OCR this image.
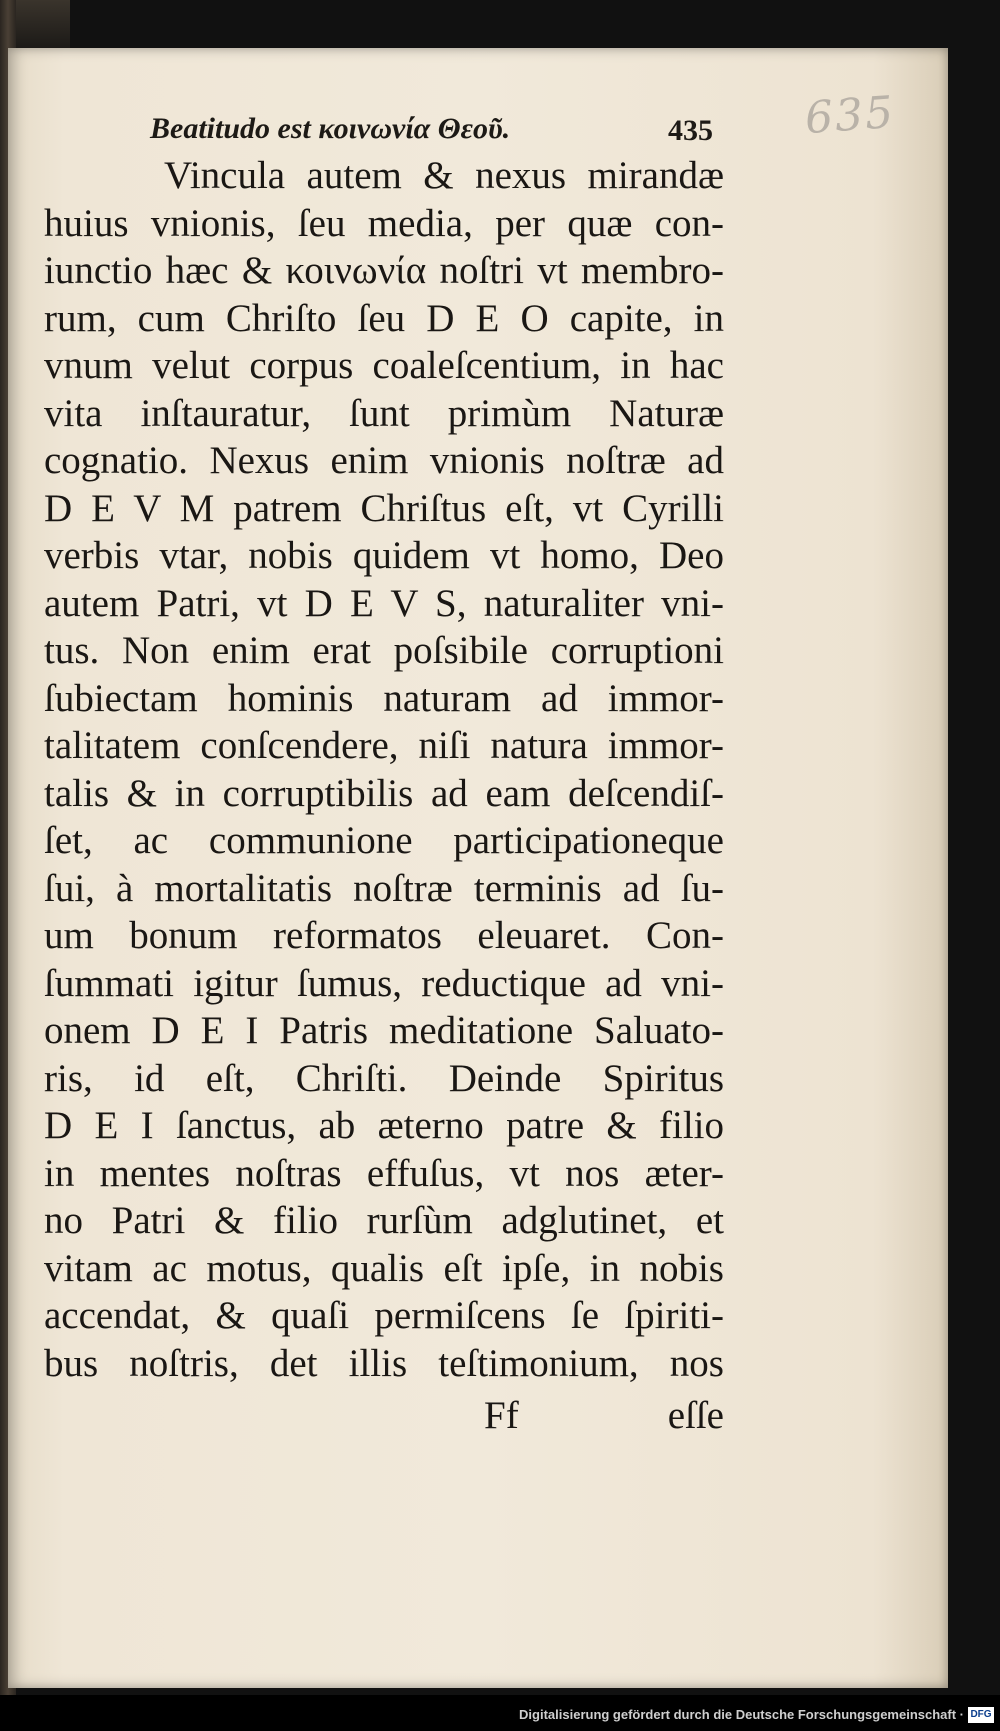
635
Beatitudo est κοινωνία Θεοῦ.	435
Vincula autem & nexus mirandæ
huius vnionis, ſeu media, per quæ con-
iunctio hæc & κοινωνία noſtri vt membro-
rum, cum Chriſto ſeu D E O capite, in
vnum velut corpus coaleſcentium, in hac
vita inſtauratur, ſunt primùm Naturæ
cognatio. Nexus enim vnionis noſtræ ad
D E V M patrem Chriſtus eſt, vt Cyrilli
verbis vtar, nobis quidem vt homo, Deo
autem Patri, vt D E V S, naturaliter vni-
tus. Non enim erat poſsibile corruptioni
ſubiectam hominis naturam ad immor-
talitatem conſcendere, niſi natura immor-
talis & in corruptibilis ad eam deſcendiſ-
ſet, ac communione participationeque
ſui, à mortalitatis noſtræ terminis ad ſu-
um bonum reformatos eleuaret. Con-
ſummati igitur ſumus, reductique ad vni-
onem D E I Patris meditatione Saluato-
ris, id eſt, Chriſti. Deinde Spiritus
D E I ſanctus, ab æterno patre & filio
in mentes noſtras effuſus, vt nos æter-
no Patri & filio rurſùm adglutinet, et
vitam ac motus, qualis eſt ipſe, in nobis
accendat, & quaſi permiſcens ſe ſpiriti-
bus noſtris, det illis teſtimonium, nos
Ff	eſſe
Digitalisierung gefördert durch die Deutsche Forschungsgemeinschaft · DFG
